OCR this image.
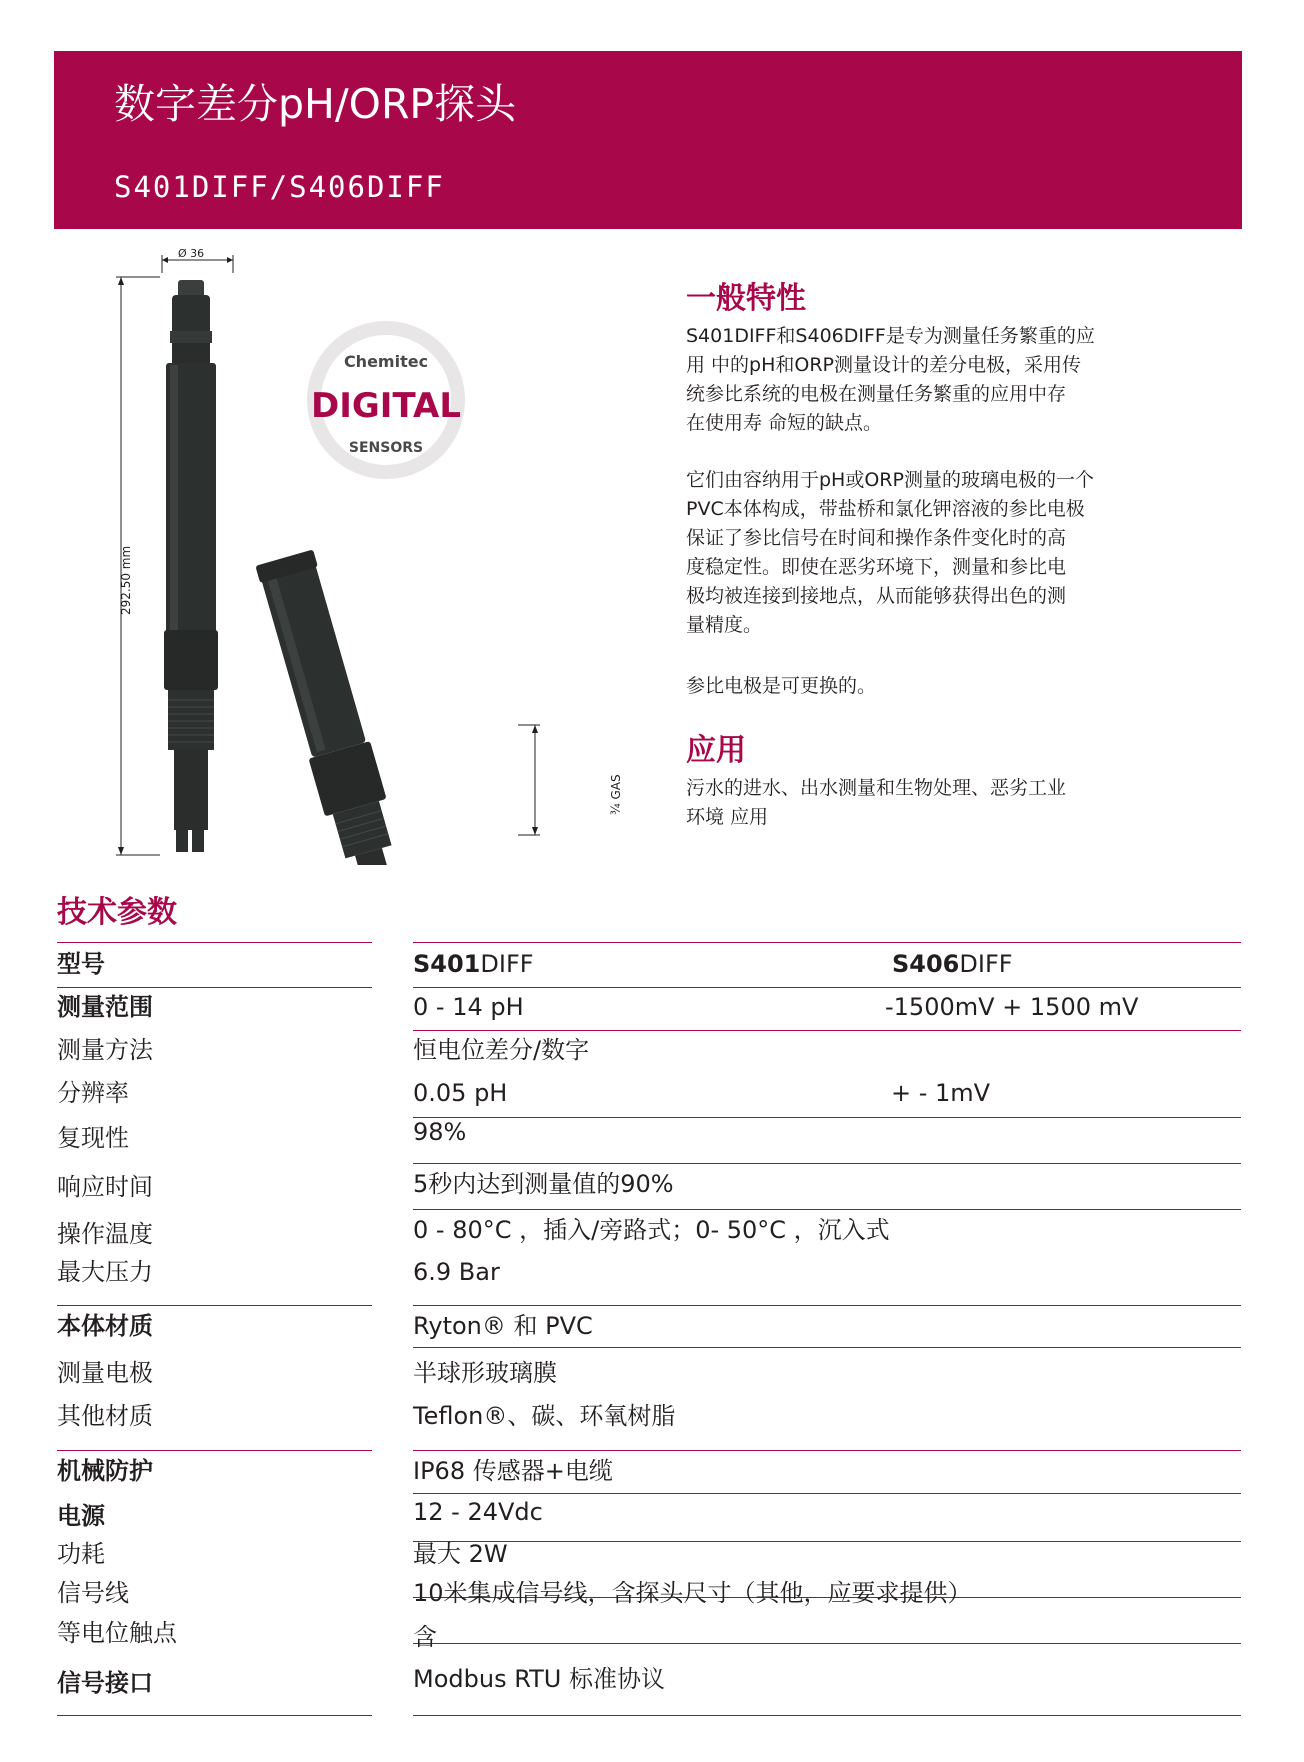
数字差分pH/ORP探头
S401DIFF/S406DIFF
Ø 36
292.50 mm
¾ GAS
Chemitec
DIGITAL
SENSORS
一般特性

S401DIFF和S406DIFF是专为测量任务繁重的应

用 中的pH和ORP测量设计的差分电极，采用传

统参比系统的电极在测量任务繁重的应用中存

在使用寿 命短的缺点。

它们由容纳用于pH或ORP测量的玻璃电极的一个

PVC本体构成，带盐桥和氯化钾溶液的参比电极

保证了参比信号在时间和操作条件变化时的高

度稳定性。即使在恶劣环境下，测量和参比电

极均被连接到接地点，从而能够获得出色的测

量精度。

参比电极是可更换的。

应用

污水的进水、出水测量和生物处理、恶劣工业

环境 应用

技术参数
型号	S401DIFF	S406DIFF
测量范围	0 - 14 pH	-1500mV + 1500 mV
测量方法	恒电位差分/数字
分辨率	0.05 pH	+ - 1mV
复现性	98%
响应时间	5秒内达到测量值的90%
操作温度	0 - 80°C ，插入/旁路式；0- 50°C ，沉入式
最大压力	6.9 Bar
本体材质	Ryton® 和 PVC
测量电极	半球形玻璃膜
其他材质	Teflon®、碳、环氧树脂
机械防护	IP68 传感器+电缆
电源	12 - 24Vdc
功耗	最大 2W
信号线	10米集成信号线，含探头尺寸（其他，应要求提供）
等电位触点	含
信号接口	Modbus RTU 标准协议
